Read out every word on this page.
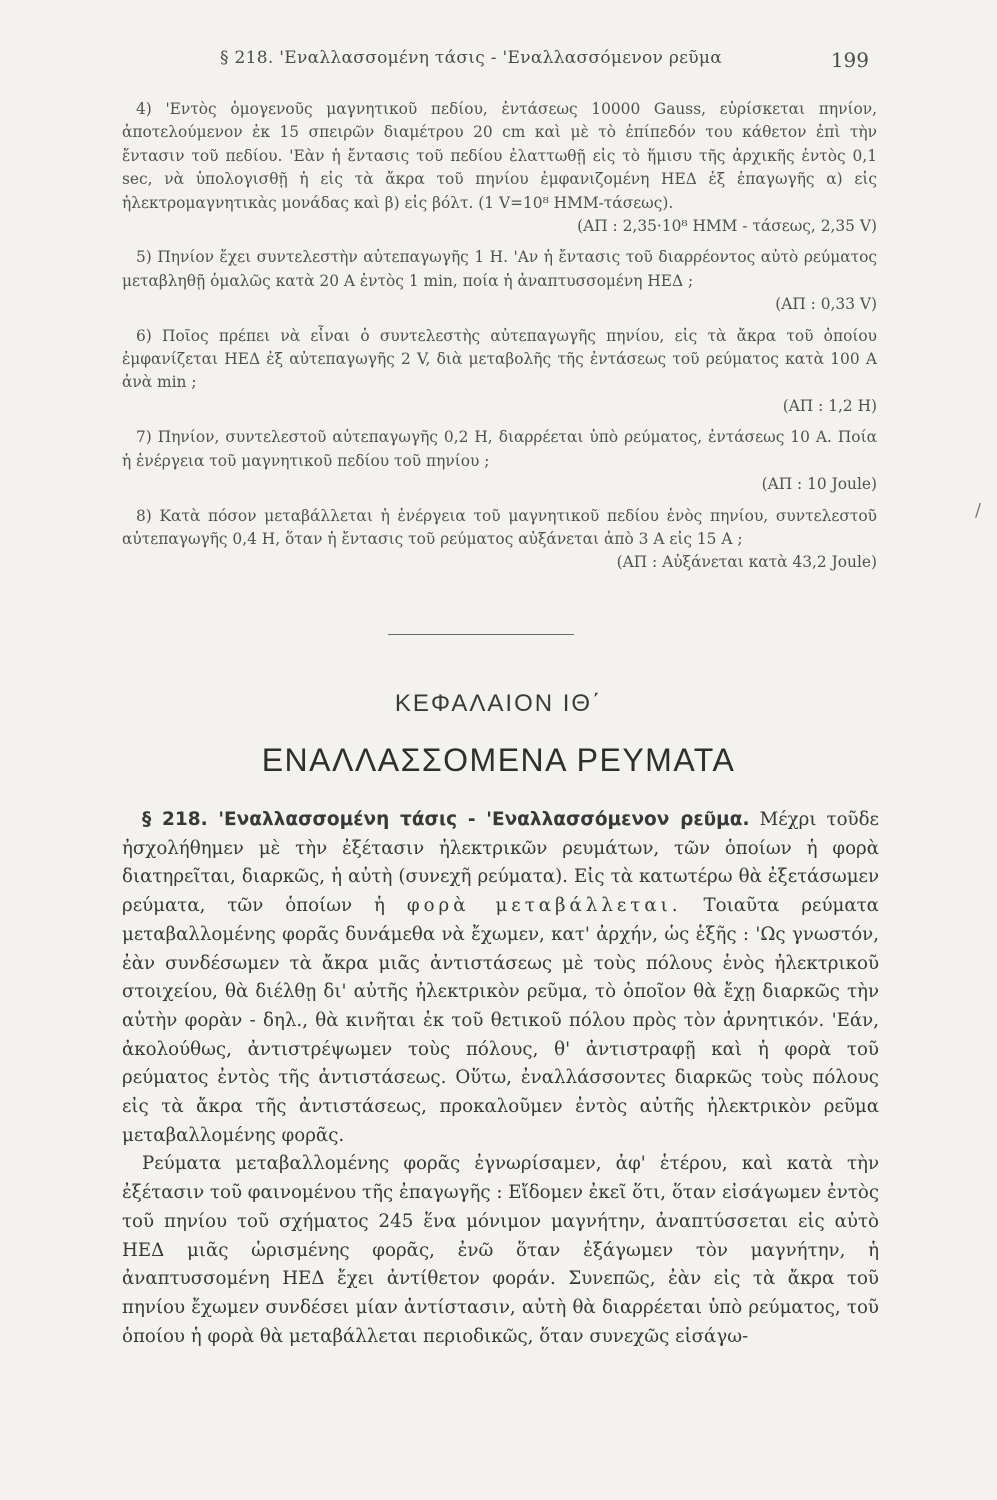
§ 218. 'Εναλλασσομένη τάσις - 'Εναλλασσόμενον ρεῦμα	199

4) 'Εντὸς ὁμογενοῦς μαγνητικοῦ πεδίου, ἐντάσεως 10000 Gauss, εὑρίσκεται πηνίον, ἀποτελούμενον ἐκ 15 σπειρῶν διαμέτρου 20 cm καὶ μὲ τὸ ἐπίπεδόν του κάθετον ἐπὶ τὴν ἔντασιν τοῦ πεδίου. 'Εὰν ἡ ἔντασις τοῦ πεδίου ἐλαττωθῇ εἰς τὸ ἥμισυ τῆς ἀρχικῆς ἐντὸς 0,1 sec, νὰ ὑπολογισθῇ ἡ εἰς τὰ ἄκρα τοῦ πηνίου ἐμφανιζομένη ΗΕΔ ἐξ ἐπαγωγῆς α) εἰς ἠλεκτρομαγνητικὰς μονάδας καὶ β) εἰς βόλτ. (1 V=10⁸ ΗΜΜ-τάσεως).
(ΑΠ : 2,35·10⁸ ΗΜΜ - τάσεως, 2,35 V)

5) Πηνίον ἔχει συντελεστὴν αὐτεπαγωγῆς 1 Η. 'Αν ἡ ἔντασις τοῦ διαρρέοντος αὐτὸ ρεύματος μεταβληθῇ ὁμαλῶς κατὰ 20 Α ἐντὸς 1 min, ποία ἡ ἀναπτυσσομένη ΗΕΔ ;
(ΑΠ : 0,33 V)

6) Ποῖος πρέπει νὰ εἶναι ὁ συντελεστὴς αὐτεπαγωγῆς πηνίου, εἰς τὰ ἄκρα τοῦ ὁποίου ἐμφανίζεται ΗΕΔ ἐξ αὐτεπαγωγῆς 2 V, διὰ μεταβολῆς τῆς ἐντάσεως τοῦ ρεύματος κατὰ 100 Α ἀνὰ min ;
(ΑΠ : 1,2 Η)

7) Πηνίον, συντελεστοῦ αὐτεπαγωγῆς 0,2 Η, διαρρέεται ὑπὸ ρεύματος, ἐντάσεως 10 Α. Ποία ἡ ἐνέργεια τοῦ μαγνητικοῦ πεδίου τοῦ πηνίου ;
(ΑΠ : 10 Joule)

8) Κατὰ πόσον μεταβάλλεται ἡ ἐνέργεια τοῦ μαγνητικοῦ πεδίου ἑνὸς πηνίου, συντελεστοῦ αὐτεπαγωγῆς 0,4 Η, ὅταν ἡ ἔντασις τοῦ ρεύματος αὐξάνεται ἀπὸ 3 Α εἰς 15 Α ;
(ΑΠ : Αὐξάνεται κατὰ 43,2 Joule)

ΚΕΦΑΛΑΙΟΝ ΙΘ΄
ΕΝΑΛΛΑΣΣΟΜΕΝΑ ΡΕΥΜΑΤΑ

§ 218. 'Εναλλασσομένη τάσις - 'Εναλλασσόμενον ρεῦμα. Μέχρι τοῦδε ἠσχολήθημεν μὲ τὴν ἐξέτασιν ἠλεκτρικῶν ρευμάτων, τῶν ὁποίων ἡ φορὰ διατηρεῖται, διαρκῶς, ἡ αὐτὴ (συνεχῆ ρεύματα). Εἰς τὰ κατωτέρω θὰ ἐξετάσωμεν ρεύματα, τῶν ὁποίων ἡ φορὰ μεταβάλλεται. Τοιαῦτα ρεύματα μεταβαλλομένης φορᾶς δυνάμεθα νὰ ἔχωμεν, κατ' ἀρχήν, ὡς ἑξῆς : 'Ως γνωστόν, ἐὰν συνδέσωμεν τὰ ἄκρα μιᾶς ἀντιστάσεως μὲ τοὺς πόλους ἑνὸς ἠλεκτρικοῦ στοιχείου, θὰ διέλθῃ δι' αὐτῆς ἠλεκτρικὸν ρεῦμα, τὸ ὁποῖον θὰ ἔχῃ διαρκῶς τὴν αὐτὴν φορὰν - δηλ., θὰ κινῆται ἐκ τοῦ θετικοῦ πόλου πρὸς τὸν ἀρνητικόν. 'Εάν, ἀκολούθως, ἀντιστρέψωμεν τοὺς πόλους, θ' ἀντιστραφῇ καὶ ἡ φορὰ τοῦ ρεύματος ἐντὸς τῆς ἀντιστάσεως. Οὕτω, ἐναλλάσσοντες διαρκῶς τοὺς πόλους εἰς τὰ ἄκρα τῆς ἀντιστάσεως, προκαλοῦμεν ἐντὸς αὐτῆς ἠλεκτρικὸν ρεῦμα μεταβαλλομένης φορᾶς.

Ρεύματα μεταβαλλομένης φορᾶς ἐγνωρίσαμεν, ἀφ' ἑτέρου, καὶ κατὰ τὴν ἐξέτασιν τοῦ φαινομένου τῆς ἐπαγωγῆς : Εἴδομεν ἐκεῖ ὅτι, ὅταν εἰσάγωμεν ἐντὸς τοῦ πηνίου τοῦ σχήματος 245 ἕνα μόνιμον μαγνήτην, ἀναπτύσσεται εἰς αὐτὸ ΗΕΔ μιᾶς ὡρισμένης φορᾶς, ἐνῶ ὅταν ἐξάγωμεν τὸν μαγνήτην, ἡ ἀναπτυσσομένη ΗΕΔ ἔχει ἀντίθετον φοράν. Συνεπῶς, ἐὰν εἰς τὰ ἄκρα τοῦ πηνίου ἔχωμεν συνδέσει μίαν ἀντίστασιν, αὐτὴ θὰ διαρρέεται ὑπὸ ρεύματος, τοῦ ὁποίου ἡ φορὰ θὰ μεταβάλλεται περιοδικῶς, ὅταν συνεχῶς εἰσάγω-

/
